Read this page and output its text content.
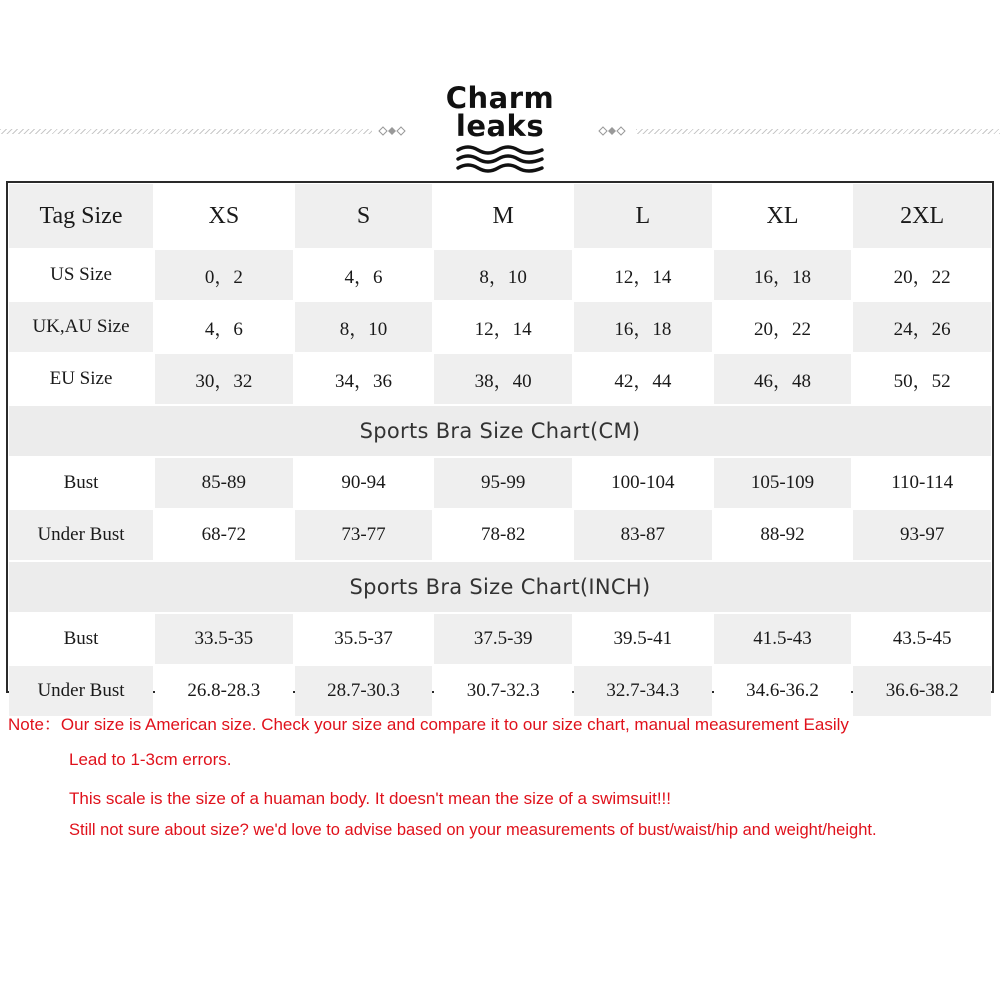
Charm
leaks
Tag Size	XS	S	M	L	XL	2XL
US Size	0，2	4，6	8，10	12，14	16，18	20，22
UK,AU Size	4，6	8，10	12，14	16，18	20，22	24，26
EU Size	30，32	34，36	38，40	42，44	46，48	50，52
Sports Bra Size Chart(CM)
Bust	85-89	90-94	95-99	100-104	105-109	110-114
Under Bust	68-72	73-77	78-82	83-87	88-92	93-97
Sports Bra Size Chart(INCH)
Bust	33.5-35	35.5-37	37.5-39	39.5-41	41.5-43	43.5-45
Under Bust	26.8-28.3	28.7-30.3	30.7-32.3	32.7-34.3	34.6-36.2	36.6-38.2
Note：Our size is American size. Check your size and compare it to our size chart, manual measurement Easily
Lead to 1-3cm errors.
This scale is the size of a huaman body. It doesn't mean the size of a swimsuit!!!
Still not sure about size? we'd love to advise based on your measurements of bust/waist/hip and weight/height.
